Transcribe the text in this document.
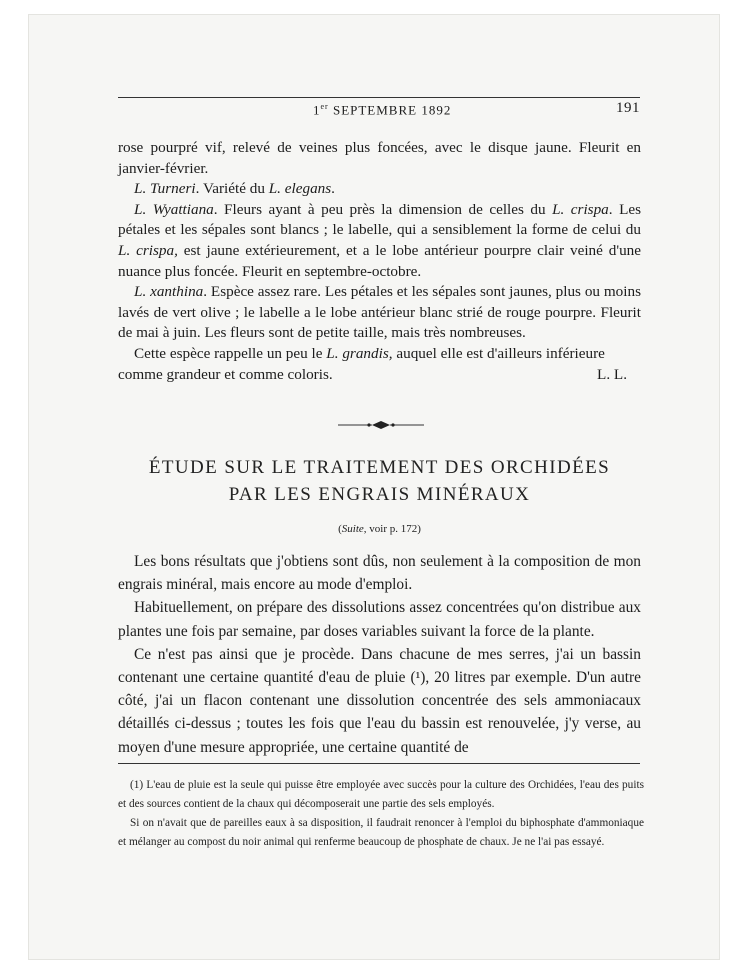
1er SEPTEMBRE 1892	191

rose pourpré vif, relevé de veines plus foncées, avec le disque jaune. Fleurit en janvier-février.

L. Turneri. Variété du L. elegans.

L. Wyattiana. Fleurs ayant à peu près la dimension de celles du L. crispa. Les pétales et les sépales sont blancs ; le labelle, qui a sensiblement la forme de celui du L. crispa, est jaune extérieurement, et a le lobe antérieur pourpre clair veiné d'une nuance plus foncée. Fleurit en septembre-octobre.

L. xanthina. Espèce assez rare. Les pétales et les sépales sont jaunes, plus ou moins lavés de vert olive ; le labelle a le lobe antérieur blanc strié de rouge pourpre. Fleurit de mai à juin. Les fleurs sont de petite taille, mais très nombreuses.

Cette espèce rappelle un peu le L. grandis, auquel elle est d'ailleurs inférieure

comme grandeur et comme coloris.	L. L.
ÉTUDE SUR LE TRAITEMENT DES ORCHIDÉES
PAR LES ENGRAIS MINÉRAUX
(Suite, voir p. 172)

Les bons résultats que j'obtiens sont dûs, non seulement à la composition de mon engrais minéral, mais encore au mode d'emploi.

Habituellement, on prépare des dissolutions assez concentrées qu'on distribue aux plantes une fois par semaine, par doses variables suivant la force de la plante.

Ce n'est pas ainsi que je procède. Dans chacune de mes serres, j'ai un bassin contenant une certaine quantité d'eau de pluie (¹), 20 litres par exemple. D'un autre côté, j'ai un flacon contenant une dissolution concentrée des sels ammoniacaux détaillés ci-dessus ; toutes les fois que l'eau du bassin est renouvelée, j'y verse, au moyen d'une mesure appropriée, une certaine quantité de

(1) L'eau de pluie est la seule qui puisse être employée avec succès pour la culture des Orchidées, l'eau des puits et des sources contient de la chaux qui décomposerait une partie des sels employés.

Si on n'avait que de pareilles eaux à sa disposition, il faudrait renoncer à l'emploi du biphosphate d'ammoniaque et mélanger au compost du noir animal qui renferme beaucoup de phosphate de chaux. Je ne l'ai pas essayé.
